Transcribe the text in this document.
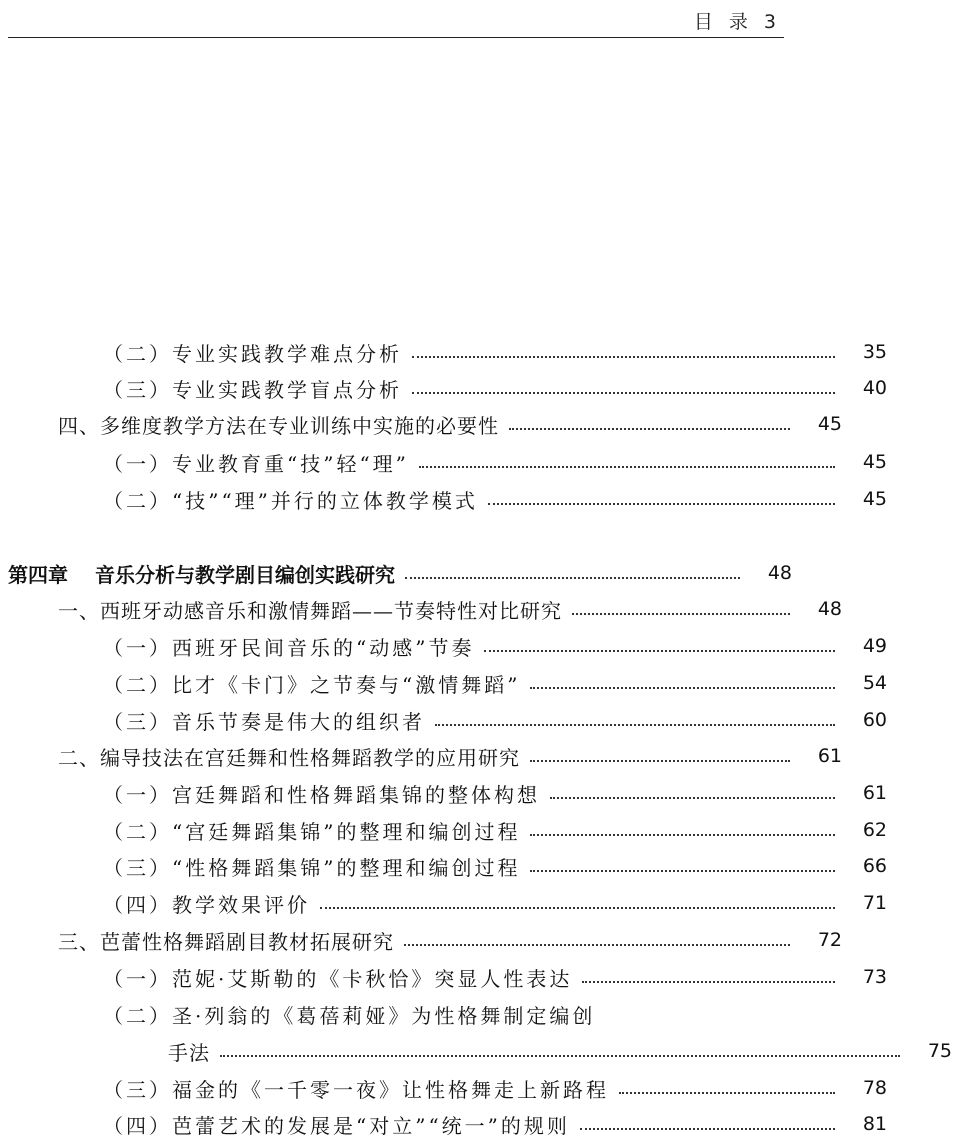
目 录 3
（二）专业实践教学难点分析	35
（三）专业实践教学盲点分析	40
四、多维度教学方法在专业训练中实施的必要性	45
（一）专业教育重“技”轻“理”	45
（二）“技”“理”并行的立体教学模式	45
第四章　 音乐分析与教学剧目编创实践研究	48
一、西班牙动感音乐和激情舞蹈——节奏特性对比研究	48
（一）西班牙民间音乐的“动感”节奏	49
（二）比才《卡门》之节奏与“激情舞蹈”	54
（三）音乐节奏是伟大的组织者	60
二、编导技法在宫廷舞和性格舞蹈教学的应用研究	61
（一）宫廷舞蹈和性格舞蹈集锦的整体构想	61
（二）“宫廷舞蹈集锦”的整理和编创过程	62
（三）“性格舞蹈集锦”的整理和编创过程	66
（四）教学效果评价	71
三、芭蕾性格舞蹈剧目教材拓展研究	72
（一）范妮·艾斯勒的《卡秋恰》突显人性表达	73
（二）圣·列翁的《葛蓓莉娅》为性格舞制定编创
手法	75
（三）福金的《一千零一夜》让性格舞走上新路程	78
（四）芭蕾艺术的发展是“对立”“统一”的规则	81
